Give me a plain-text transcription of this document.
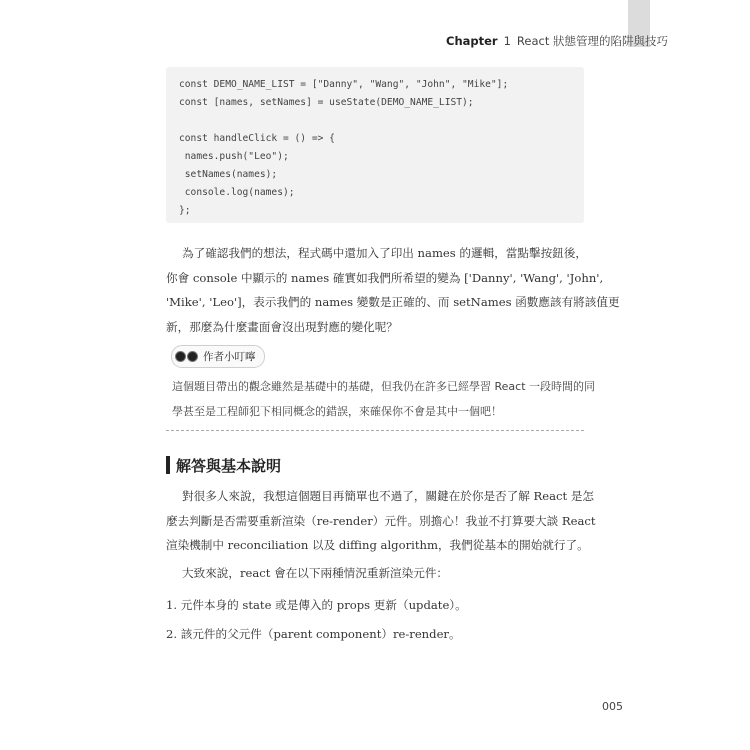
Chapter 1 React 狀態管理的陷阱與技巧
const DEMO_NAME_LIST = ["Danny", "Wang", "John", "Mike"];
const [names, setNames] = useState(DEMO_NAME_LIST);
const handleClick = () => {
names.push("Leo");
setNames(names);
console.log(names);
};
為了確認我們的想法，程式碼中還加入了印出 names 的邏輯，當點擊按鈕後，
你會 console 中顯示的 names 確實如我們所希望的變為 ['Danny', 'Wang', 'John',
'Mike', 'Leo']，表示我們的 names 變數是正確的、而 setNames 函數應該有將該值更
新，那麼為什麼畫面會沒出現對應的變化呢？
作者小叮嚀
這個題目帶出的觀念雖然是基礎中的基礎，但我仍在許多已經學習 React 一段時間的同
學甚至是工程師犯下相同概念的錯誤，來確保你不會是其中一個吧！
解答與基本說明
對很多人來說，我想這個題目再簡單也不過了，關鍵在於你是否了解 React 是怎
麼去判斷是否需要重新渲染（re-render）元件。別擔心！我並不打算要大談 React
渲染機制中 reconciliation 以及 diffing algorithm，我們從基本的開始就行了。
大致來說，react 會在以下兩種情況重新渲染元件：
1. 元件本身的 state 或是傳入的 props 更新（update）。
2. 該元件的父元件（parent component）re-render。
005
